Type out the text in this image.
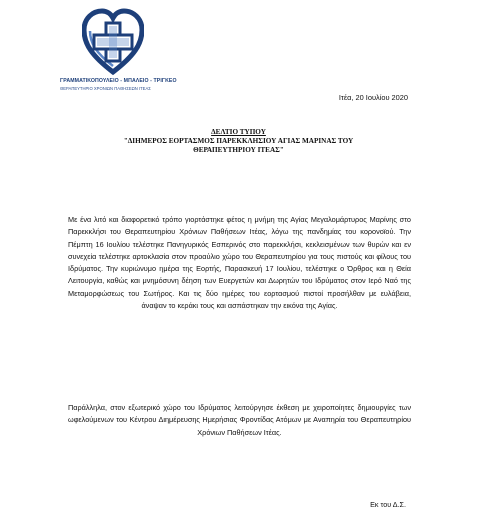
ΓΡΑΜΜΑΤΙΚΟΠΟΥΛΕΙΟ - ΜΠΑΛΕΙΟ - ΤΡΙΓΚΕΟ
ΘΕΡΑΠΕΥΤΗΡΙΟ ΧΡΟΝΙΩΝ ΠΑΘΗΣΕΩΝ ΙΤΕΑΣ
Ιτέα, 20 Ιουλίου 2020
ΔΕΛΤΙΟ ΤΥΠΟΥ
"ΔΙΗΜΕΡΟΣ ΕΟΡΤΑΣΜΟΣ ΠΑΡΕΚΚΛΗΣΙΟΥ ΑΓΙΑΣ ΜΑΡΙΝΑΣ ΤΟΥ
ΘΕΡΑΠΕΥΤΗΡΙΟΥ ΙΤΕΑΣ"
Με ένα λιτό και διαφορετικό τρόπο γιορτάστηκε φέτος η μνήμη της Αγίας Μεγαλομάρτυρος Μαρίνης στο Παρεκκλήσι του Θεραπευτηρίου Χρόνιων Παθήσεων Ιτέας, λόγω της πανδημίας του κορονοϊού. Την Πέμπτη 16 Ιουλίου τελέστηκε Πανηγυρικός Εσπερινός στο παρεκκλήσι, κεκλεισμένων των θυρών και εν συνεχεία τελέστηκε αρτοκλασία στον προαύλιο χώρο του Θεραπευτηρίου για τους πιστούς και φίλους του Ιδρύματος. Την κυριώνυμο ημέρα της Εορτής, Παρασκευή 17 Ιουλίου, τελέστηκε ο Όρθρος και η Θεία Λειτουργία, καθώς και μνημόσυνη δέηση των Ευεργετών και Δωρητών του Ιδρύματος στον Ιερό Ναό της Μεταμορφώσεως του Σωτήρος. Και τις δύο ημέρες του εορτασμού πιστοί προσήλθαν με ευλάβεια, άναψαν το κεράκι τους και ασπάστηκαν την εικόνα της Αγίας.
Παράλληλα, στον εξωτερικό χώρο του Ιδρύματος λειτούργησε έκθεση με χειροποίητες δημιουργίες των ωφελούμενων του Κέντρου Διημέρευσης Ημερήσιας Φροντίδας Ατόμων με Αναπηρία του Θεραπευτηρίου Χρόνιων Παθήσεων Ιτέας.
Εκ του Δ.Σ.
